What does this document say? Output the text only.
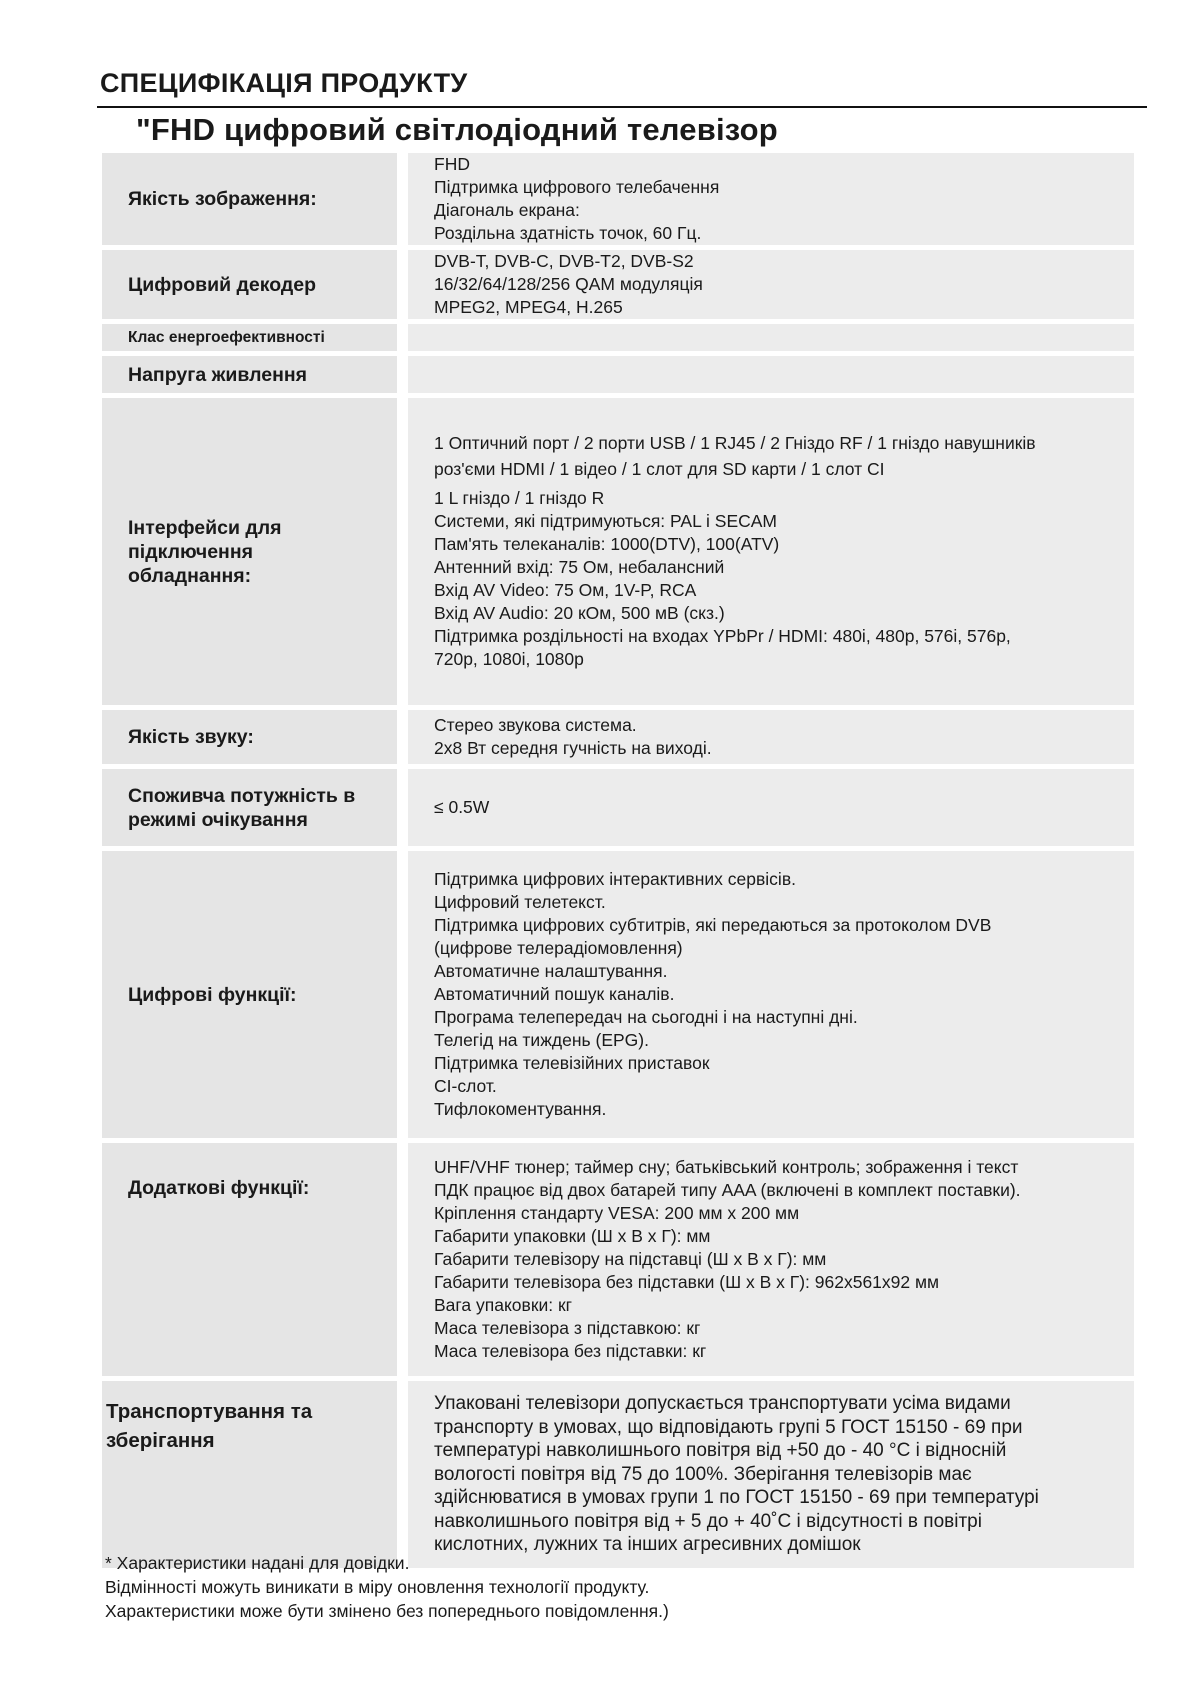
СПЕЦИФІКАЦІЯ ПРОДУКТУ
"FHD цифровий світлодіодний телевізор
Якість зображення:
FHD
Підтримка цифрового телебачення
Діагональ екрана:
Роздільна здатність точок, 60 Гц.
Цифровий декодер
DVB-T, DVB-C, DVB-T2, DVB-S2
16/32/64/128/256 QAM модуляція
MPEG2, MPEG4, H.265
Клас енергоефективності
Напруга живлення
Інтерфейси для підключення обладнання:
1 Оптичний порт / 2 порти USB / 1 RJ45 / 2 Гніздо RF / 1 гніздо навушників
роз'єми HDMI / 1 відео / 1 слот для SD карти / 1 слот CI
1 L гніздо / 1 гніздо R
Системи, які підтримуються: PAL і SECAM
Пам'ять телеканалів: 1000(DTV), 100(ATV)
Антенний вхід: 75 Ом, небалансний
Вхід AV Video: 75 Ом, 1V-P, RCA
Вхід AV Audio: 20 кОм, 500 мВ (скз.)
Підтримка роздільності на входах YPbPr / HDMI: 480i, 480p, 576i, 576p,
720p, 1080i, 1080p
Якість звуку:
Стерео звукова система.
2x8 Вт середня гучність на виході.
Споживча потужність в режимі очікування
≤ 0.5W
Цифрові функції:
Підтримка цифрових інтерактивних сервісів.
Цифровий телетекст.
Підтримка цифрових субтитрів, які передаються за протоколом DVB
(цифрове телерадіомовлення)
Автоматичне налаштування.
Автоматичний пошук каналів.
Програма телепередач на сьогодні і на наступні дні.
Телегід на тиждень (EPG).
Підтримка телевізійних приставок
CI-слот.
Тифлокоментування.
Додаткові функції:
UHF/VHF тюнер; таймер сну; батьківський контроль; зображення і текст
ПДК працює від двох батарей типу AAA (включені в комплект поставки).
Кріплення стандарту VESA: 200 мм x 200 мм
Габарити упаковки (Ш х В х Г): мм
Габарити телевізору на підставці (Ш х В х Г): мм
Габарити телевізора без підставки (Ш х В х Г): 962x561x92 мм
Вага упаковки: кг
Маса телевізора з підставкою: кг
Маса телевізора без підставки: кг
Транспортування та зберігання
Упаковані телевізори допускається транспортувати усіма видами
транспорту в умовах, що відповідають групі 5 ГОСТ 15150 - 69 при
температурі навколишнього повітря від +50 до - 40 °С і відносній
вологості повітря від 75 до 100%. Зберігання телевізорів має
здійснюватися в умовах групи 1 по ГОСТ 15150 - 69 при температурі
навколишнього повітря від + 5 до + 40˚С і відсутності в повітрі
кислотних, лужних та інших агресивних домішок
* Характеристики надані для довідки.
Відмінності можуть виникати в міру оновлення технології продукту.
Характеристики може бути змінено без попереднього повідомлення.)
